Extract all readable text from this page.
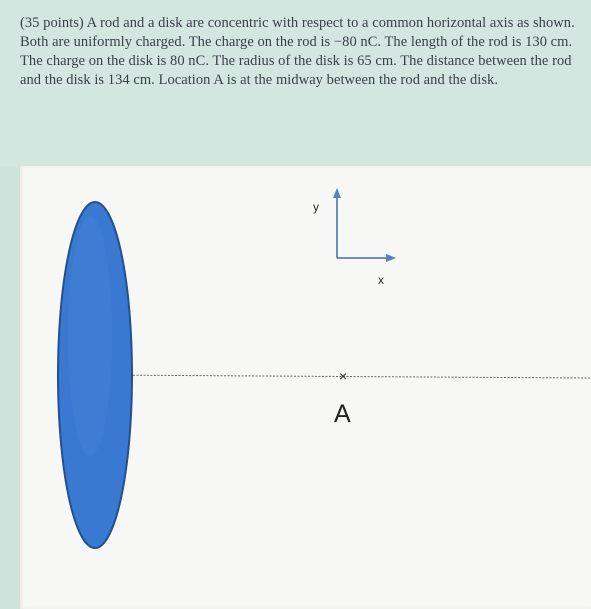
(35 points) A rod and a disk are concentric with respect to a common horizontal axis as shown. Both are uniformly charged. The charge on the rod is −80 nC. The length of the rod is 130 cm. The charge on the disk is 80 nC. The radius of the disk is 65 cm. The distance between the rod and the disk is 134 cm. Location A is at the midway between the rod and the disk.

y
x
×
A
